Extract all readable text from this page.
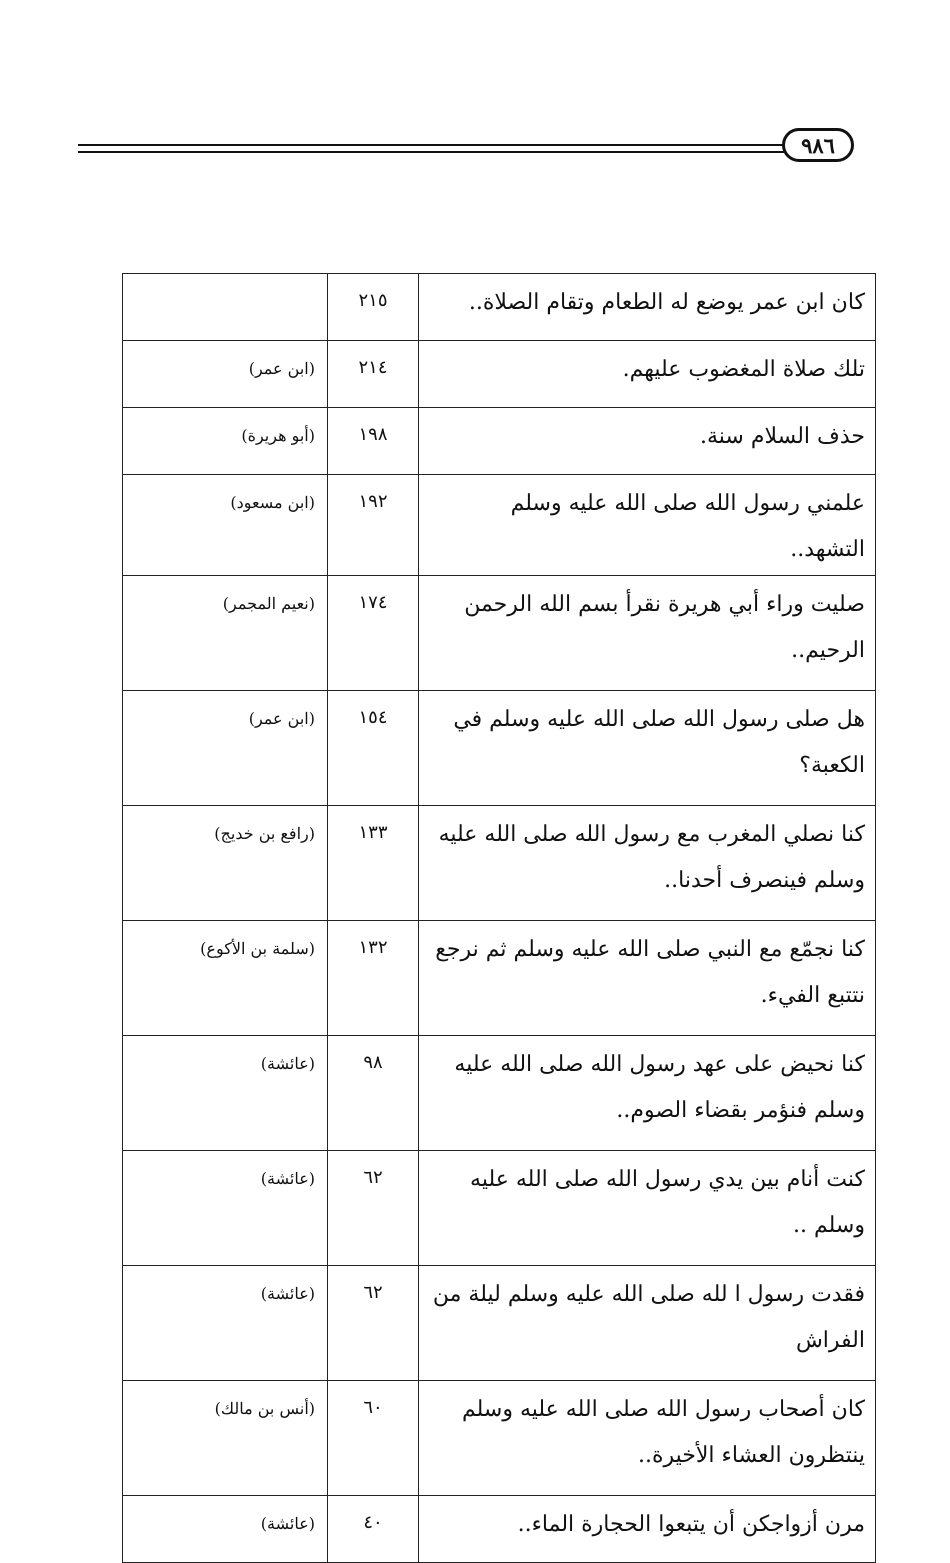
٩٨٦
كان ابن عمر يوضع له الطعام وتقام الصلاة..	٢١٥	
تلك صلاة المغضوب عليهم.	٢١٤	(ابن عمر)
حذف السلام سنة.	١٩٨	(أبو هريرة)
علمني رسول الله صلى الله عليه وسلم التشهد..	١٩٢	(ابن مسعود)
صليت وراء أبي هريرة نقرأ بسم الله الرحمن الرحيم..	١٧٤	(نعيم المجمر)
هل صلى رسول الله صلى الله عليه وسلم في الكعبة؟	١٥٤	(ابن عمر)
كنا نصلي المغرب مع رسول الله صلى الله عليه وسلم فينصرف أحدنا..	١٣٣	(رافع بن خديج)
كنا نجمّع مع النبي صلى الله عليه وسلم ثم نرجع نتتبع الفيء.	١٣٢	(سلمة بن الأكوع)
كنا نحيض على عهد رسول الله صلى الله عليه وسلم فنؤمر بقضاء الصوم..	٩٨	(عائشة)
كنت أنام بين يدي رسول الله صلى الله عليه وسلم ..	٦٢	(عائشة)
فقدت رسول ا لله صلى الله عليه وسلم ليلة من الفراش	٦٢	(عائشة)
كان أصحاب رسول الله صلى الله عليه وسلم ينتظرون العشاء الأخيرة..	٦٠	(أنس بن مالك)
مرن أزواجكن أن يتبعوا الحجارة الماء..	٤٠	(عائشة)
